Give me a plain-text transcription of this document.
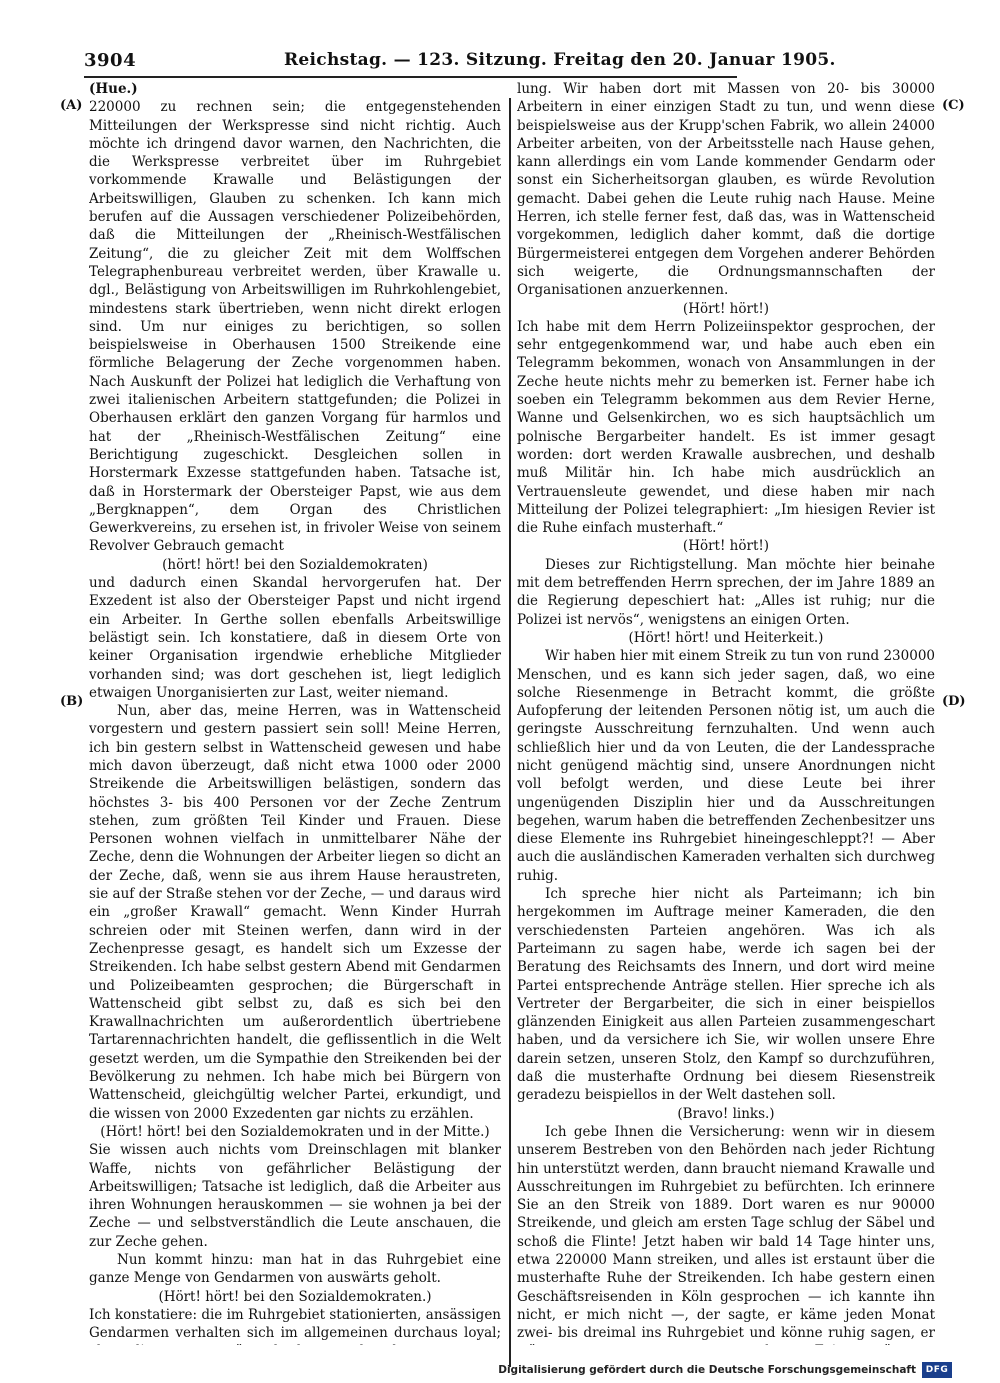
3904	Reichstag. — 123. Sitzung. Freitag den 20. Januar 1905.
(A)
(B)
(C)
(D)

(Hue.)

220000 zu rechnen sein; die entgegenstehenden Mitteilungen der Werkspresse sind nicht richtig. Auch möchte ich dringend davor warnen, den Nachrichten, die die Werkspresse verbreitet über im Ruhrgebiet vorkommende Krawalle und Belästigungen der Arbeitswilligen, Glauben zu schenken. Ich kann mich berufen auf die Aussagen verschiedener Polizeibehörden, daß die Mitteilungen der „Rheinisch-Westfälischen Zeitung“, die zu gleicher Zeit mit dem Wolffschen Telegraphenbureau verbreitet werden, über Krawalle u. dgl., Belästigung von Arbeitswilligen im Ruhrkohlengebiet, mindestens stark übertrieben, wenn nicht direkt erlogen sind. Um nur einiges zu berichtigen, so sollen beispielsweise in Oberhausen 1500 Streikende eine förmliche Belagerung der Zeche vorgenommen haben. Nach Auskunft der Polizei hat lediglich die Verhaftung von zwei italienischen Arbeitern stattgefunden; die Polizei in Oberhausen erklärt den ganzen Vorgang für harmlos und hat der „Rheinisch-Westfälischen Zeitung“ eine Berichtigung zugeschickt. Desgleichen sollen in Horstermark Exzesse stattgefunden haben. Tatsache ist, daß in Horstermark der Obersteiger Papst, wie aus dem „Bergknappen“, dem Organ des Christlichen Gewerkvereins, zu ersehen ist, in frivoler Weise von seinem Revolver Gebrauch gemacht

(hört! hört! bei den Sozialdemokraten)

und dadurch einen Skandal hervorgerufen hat. Der Exzedent ist also der Obersteiger Papst und nicht irgend ein Arbeiter. In Gerthe sollen ebenfalls Arbeitswillige belästigt sein. Ich konstatiere, daß in diesem Orte von keiner Organisation irgendwie erhebliche Mitglieder vorhanden sind; was dort geschehen ist, liegt lediglich etwaigen Unorganisierten zur Last, weiter niemand.

Nun, aber das, meine Herren, was in Wattenscheid vorgestern und gestern passiert sein soll! Meine Herren, ich bin gestern selbst in Wattenscheid gewesen und habe mich davon überzeugt, daß nicht etwa 1000 oder 2000 Streikende die Arbeitswilligen belästigen, sondern das höchstes 3- bis 400 Personen vor der Zeche Zentrum stehen, zum größten Teil Kinder und Frauen. Diese Personen wohnen vielfach in unmittelbarer Nähe der Zeche, denn die Wohnungen der Arbeiter liegen so dicht an der Zeche, daß, wenn sie aus ihrem Hause heraustreten, sie auf der Straße stehen vor der Zeche, — und daraus wird ein „großer Krawall“ gemacht. Wenn Kinder Hurrah schreien oder mit Steinen werfen, dann wird in der Zechenpresse gesagt, es handelt sich um Exzesse der Streikenden. Ich habe selbst gestern Abend mit Gendarmen und Polizeibeamten gesprochen; die Bürgerschaft in Wattenscheid gibt selbst zu, daß es sich bei den Krawallnachrichten um außerordentlich übertriebene Tartarennachrichten handelt, die geflissentlich in die Welt gesetzt werden, um die Sympathie den Streikenden bei der Bevölkerung zu nehmen. Ich habe mich bei Bürgern von Wattenscheid, gleichgültig welcher Partei, erkundigt, und die wissen von 2000 Exzedenten gar nichts zu erzählen.

(Hört! hört! bei den Sozialdemokraten und in der Mitte.)

Sie wissen auch nichts vom Dreinschlagen mit blanker Waffe, nichts von gefährlicher Belästigung der Arbeitswilligen; Tatsache ist lediglich, daß die Arbeiter aus ihren Wohnungen herauskommen — sie wohnen ja bei der Zeche — und selbstverständlich die Leute anschauen, die zur Zeche gehen.

Nun kommt hinzu: man hat in das Ruhrgebiet eine ganze Menge von Gendarmen von auswärts geholt.

(Hört! hört! bei den Sozialdemokraten.)

Ich konstatiere: die im Ruhrgebiet stationierten, ansässigen Gendarmen verhalten sich im allgemeinen durchaus loyal;

lung. Wir haben dort mit Massen von 20- bis 30000 Arbeitern in einer einzigen Stadt zu tun, und wenn diese beispielsweise aus der Krupp'schen Fabrik, wo allein 24000 Arbeiter arbeiten, von der Arbeitsstelle nach Hause gehen, kann allerdings ein vom Lande kommender Gendarm oder sonst ein Sicherheitsorgan glauben, es würde Revolution gemacht. Dabei gehen die Leute ruhig nach Hause. Meine Herren, ich stelle ferner fest, daß das, was in Wattenscheid vorgekommen, lediglich daher kommt, daß die dortige Bürgermeisterei entgegen dem Vorgehen anderer Behörden sich weigerte, die Ordnungsmannschaften der Organisationen anzuerkennen.

(Hört! hört!)

Ich habe mit dem Herrn Polizeiinspektor gesprochen, der sehr entgegenkommend war, und habe auch eben ein Telegramm bekommen, wonach von Ansammlungen in der Zeche heute nichts mehr zu bemerken ist. Ferner habe ich soeben ein Telegramm bekommen aus dem Revier Herne, Wanne und Gelsenkirchen, wo es sich hauptsächlich um polnische Bergarbeiter handelt. Es ist immer gesagt worden: dort werden Krawalle ausbrechen, und deshalb muß Militär hin. Ich habe mich ausdrücklich an Vertrauensleute gewendet, und diese haben mir nach Mitteilung der Polizei telegraphiert: „Im hiesigen Revier ist die Ruhe einfach musterhaft.“

(Hört! hört!)

Dieses zur Richtigstellung. Man möchte hier beinahe mit dem betreffenden Herrn sprechen, der im Jahre 1889 an die Regierung depeschiert hat: „Alles ist ruhig; nur die Polizei ist nervös“, wenigstens an einigen Orten.

(Hört! hört! und Heiterkeit.)

Wir haben hier mit einem Streik zu tun von rund 230000 Menschen, und es kann sich jeder sagen, daß, wo eine solche Riesenmenge in Betracht kommt, die größte Aufopferung der leitenden Personen nötig ist, um auch die geringste Ausschreitung fernzuhalten. Und wenn auch schließlich hier und da von Leuten, die der Landessprache nicht genügend mächtig sind, unsere Anordnungen nicht voll befolgt werden, und diese Leute bei ihrer ungenügenden Disziplin hier und da Ausschreitungen begehen, warum haben die betreffenden Zechenbesitzer uns diese Elemente ins Ruhrgebiet hineingeschleppt?! — Aber auch die ausländischen Kameraden verhalten sich durchweg ruhig.

Ich spreche hier nicht als Parteimann; ich bin hergekommen im Auftrage meiner Kameraden, die den verschiedensten Parteien angehören. Was ich als Parteimann zu sagen habe, werde ich sagen bei der Beratung des Reichsamts des Innern, und dort wird meine Partei entsprechende Anträge stellen. Hier spreche ich als Vertreter der Bergarbeiter, die sich in einer beispiellos glänzenden Einigkeit aus allen Parteien zusammengeschart haben, und da versichere ich Sie, wir wollen unsere Ehre darein setzen, unseren Stolz, den Kampf so durchzuführen, daß die musterhafte Ordnung bei diesem Riesenstreik geradezu beispiellos in der Welt dastehen soll.

(Bravo! links.)

Ich gebe Ihnen die Versicherung: wenn wir in diesem unserem Bestreben von den Behörden nach jeder Richtung hin unterstützt werden, dann braucht niemand Krawalle und Ausschreitungen im Ruhrgebiet zu befürchten. Ich erinnere Sie an den Streik von 1889. Dort waren es nur 90000 Streikende, und gleich am ersten Tage schlug der Säbel und schoß die Flinte! Jetzt haben wir bald 14 Tage hinter uns, etwa 220000 Mann streiken, und alles ist erstaunt über die musterhafte Ruhe der Streikenden. Ich habe gestern einen Geschäftsreisenden in Köln gesprochen — ich kannte ihn nicht, er mich nicht —, der sagte, er käme jeden Monat zwei- bis dreimal ins Ruhrgebiet und könne ruhig sagen, er

Digitalisierung gefördert durch die Deutsche Forschungsgemeinschaft	DFG
